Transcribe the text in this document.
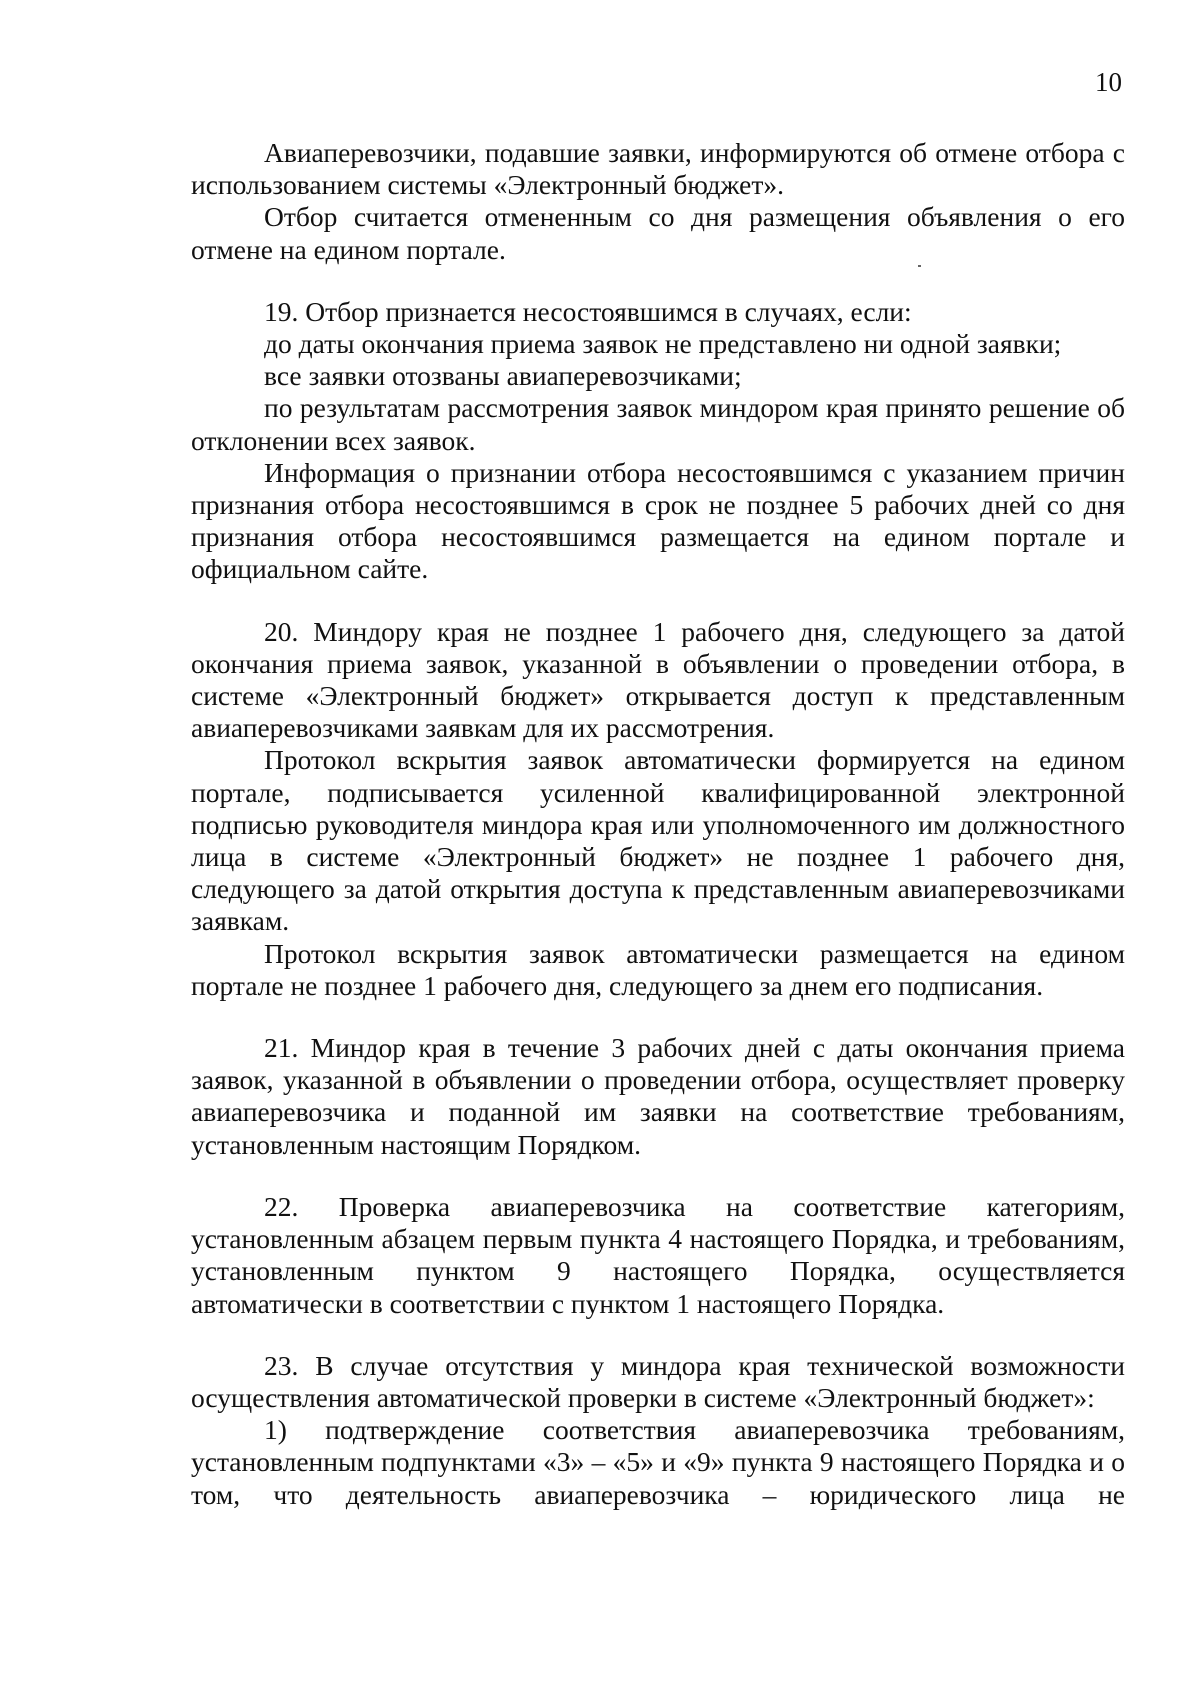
10

Авиаперевозчики, подавшие заявки, информируются об отмене отбора с использованием системы «Электронный бюджет».

Отбор считается отмененным со дня размещения объявления о его отмене на едином портале.

19. Отбор признается несостоявшимся в случаях, если:

до даты окончания приема заявок не представлено ни одной заявки;

все заявки отозваны авиаперевозчиками;

по результатам рассмотрения заявок миндором края принято решение об отклонении всех заявок.

Информация о признании отбора несостоявшимся с указанием причин признания отбора несостоявшимся в срок не позднее 5 рабочих дней со дня признания отбора несостоявшимся размещается на едином портале и официальном сайте.

20. Миндору края не позднее 1 рабочего дня, следующего за датой окончания приема заявок, указанной в объявлении о проведении отбора, в системе «Электронный бюджет» открывается доступ к представленным авиаперевозчиками заявкам для их рассмотрения.

Протокол вскрытия заявок автоматически формируется на едином портале, подписывается усиленной квалифицированной электронной подписью руководителя миндора края или уполномоченного им должностного лица в системе «Электронный бюджет» не позднее 1 рабочего дня, следующего за датой открытия доступа к представленным авиаперевозчиками заявкам.

Протокол вскрытия заявок автоматически размещается на едином портале не позднее 1 рабочего дня, следующего за днем его подписания.

21. Миндор края в течение 3 рабочих дней с даты окончания приема заявок, указанной в объявлении о проведении отбора, осуществляет проверку авиаперевозчика и поданной им заявки на соответствие требованиям, установленным настоящим Порядком.

22. Проверка авиаперевозчика на соответствие категориям, установленным абзацем первым пункта 4 настоящего Порядка, и требованиям, установленным пунктом 9 настоящего Порядка, осуществляется автоматически в соответствии с пунктом 1 настоящего Порядка.

23. В случае отсутствия у миндора края технической возможности осуществления автоматической проверки в системе «Электронный бюджет»:

1) подтверждение соответствия авиаперевозчика требованиям, установленным подпунктами «3» – «5» и «9» пункта 9 настоящего Порядка и о том, что деятельность авиаперевозчика – юридического лица не
